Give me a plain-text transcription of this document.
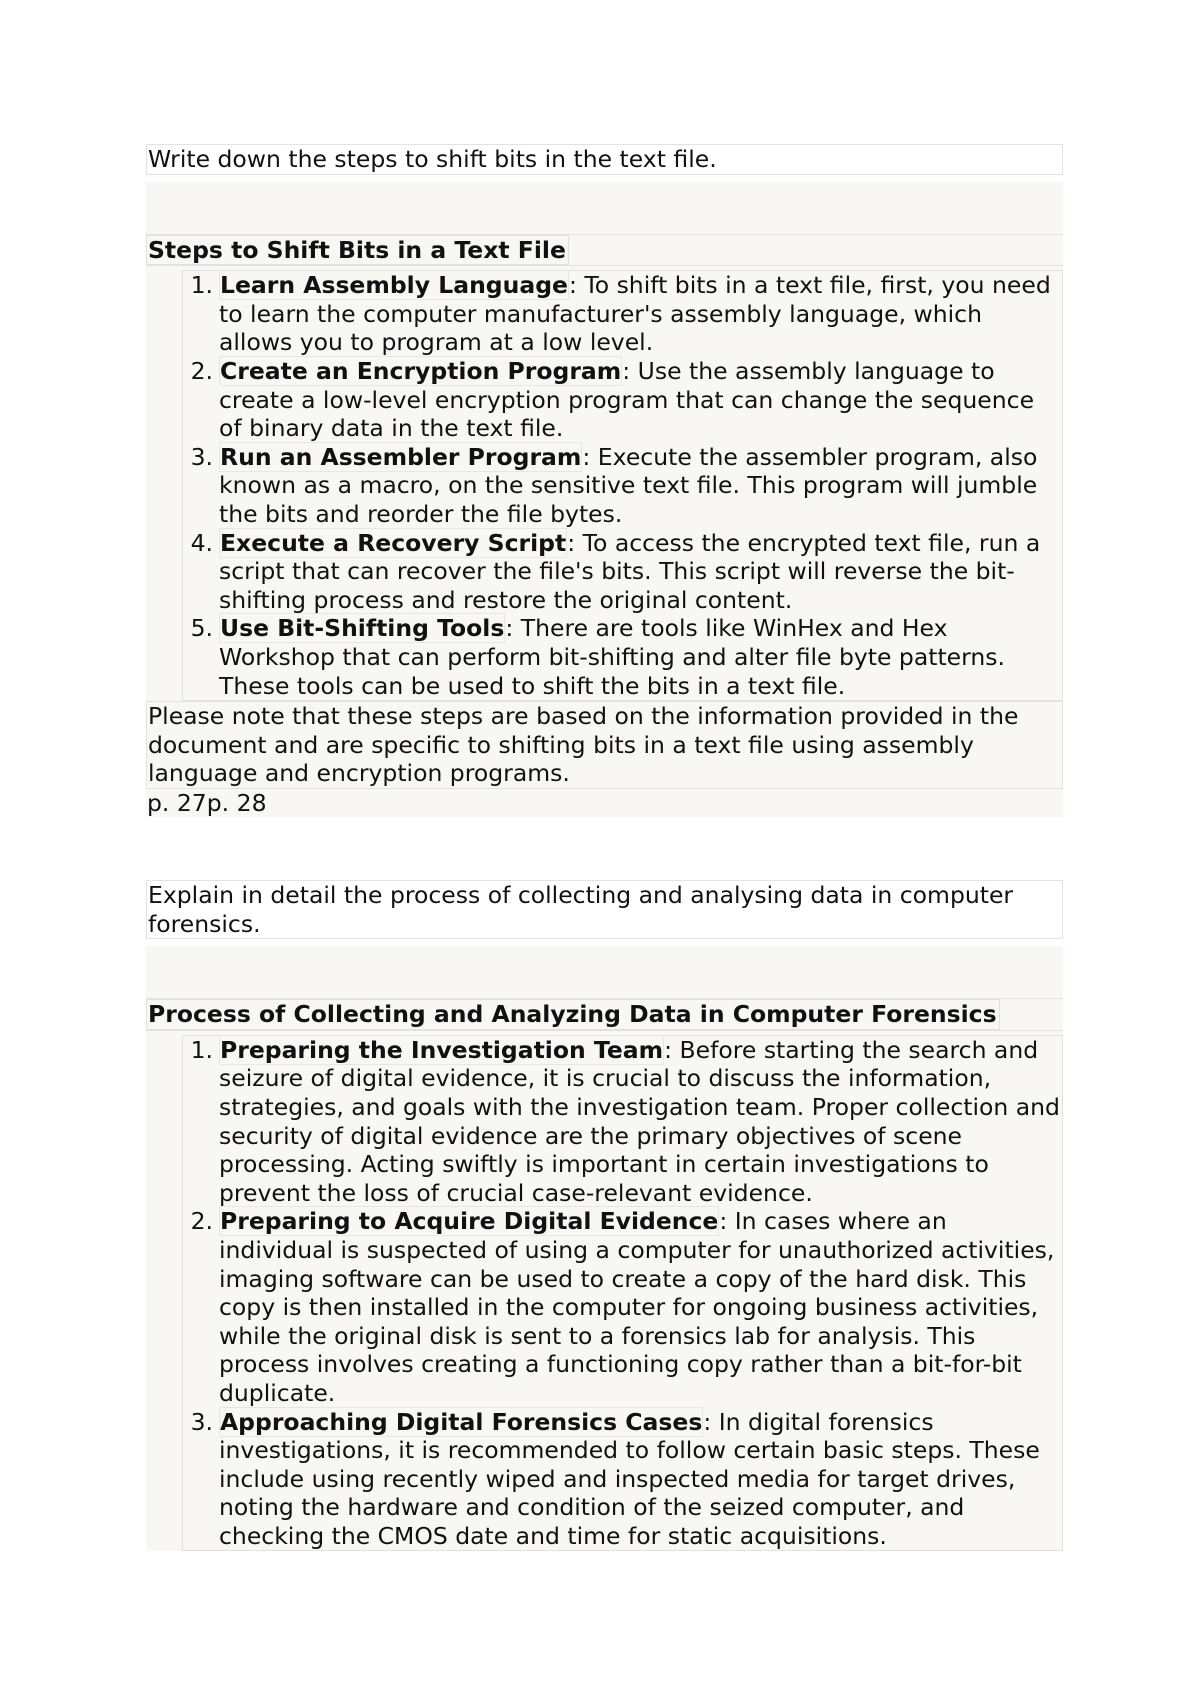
Write down the steps to shift bits in the text file.
Steps to Shift Bits in a Text File
1. Learn Assembly Language: To shift bits in a text file, first, you need to learn the computer manufacturer's assembly language, which allows you to program at a low level.
2. Create an Encryption Program: Use the assembly language to create a low-level encryption program that can change the sequence of binary data in the text file.
3. Run an Assembler Program: Execute the assembler program, also known as a macro, on the sensitive text file. This program will jumble the bits and reorder the file bytes.
4. Execute a Recovery Script: To access the encrypted text file, run a script that can recover the file's bits. This script will reverse the bit-shifting process and restore the original content.
5. Use Bit-Shifting Tools: There are tools like WinHex and Hex Workshop that can perform bit-shifting and alter file byte patterns. These tools can be used to shift the bits in a text file.
Please note that these steps are based on the information provided in the document and are specific to shifting bits in a text file using assembly language and encryption programs.
p. 27p. 28
Explain in detail the process of collecting and analysing data in computer forensics.
Process of Collecting and Analyzing Data in Computer Forensics
1. Preparing the Investigation Team: Before starting the search and seizure of digital evidence, it is crucial to discuss the information, strategies, and goals with the investigation team. Proper collection and security of digital evidence are the primary objectives of scene processing. Acting swiftly is important in certain investigations to prevent the loss of crucial case-relevant evidence.
2. Preparing to Acquire Digital Evidence: In cases where an individual is suspected of using a computer for unauthorized activities, imaging software can be used to create a copy of the hard disk. This copy is then installed in the computer for ongoing business activities, while the original disk is sent to a forensics lab for analysis. This process involves creating a functioning copy rather than a bit-for-bit duplicate.
3. Approaching Digital Forensics Cases: In digital forensics investigations, it is recommended to follow certain basic steps. These include using recently wiped and inspected media for target drives, noting the hardware and condition of the seized computer, and checking the CMOS date and time for static acquisitions.
